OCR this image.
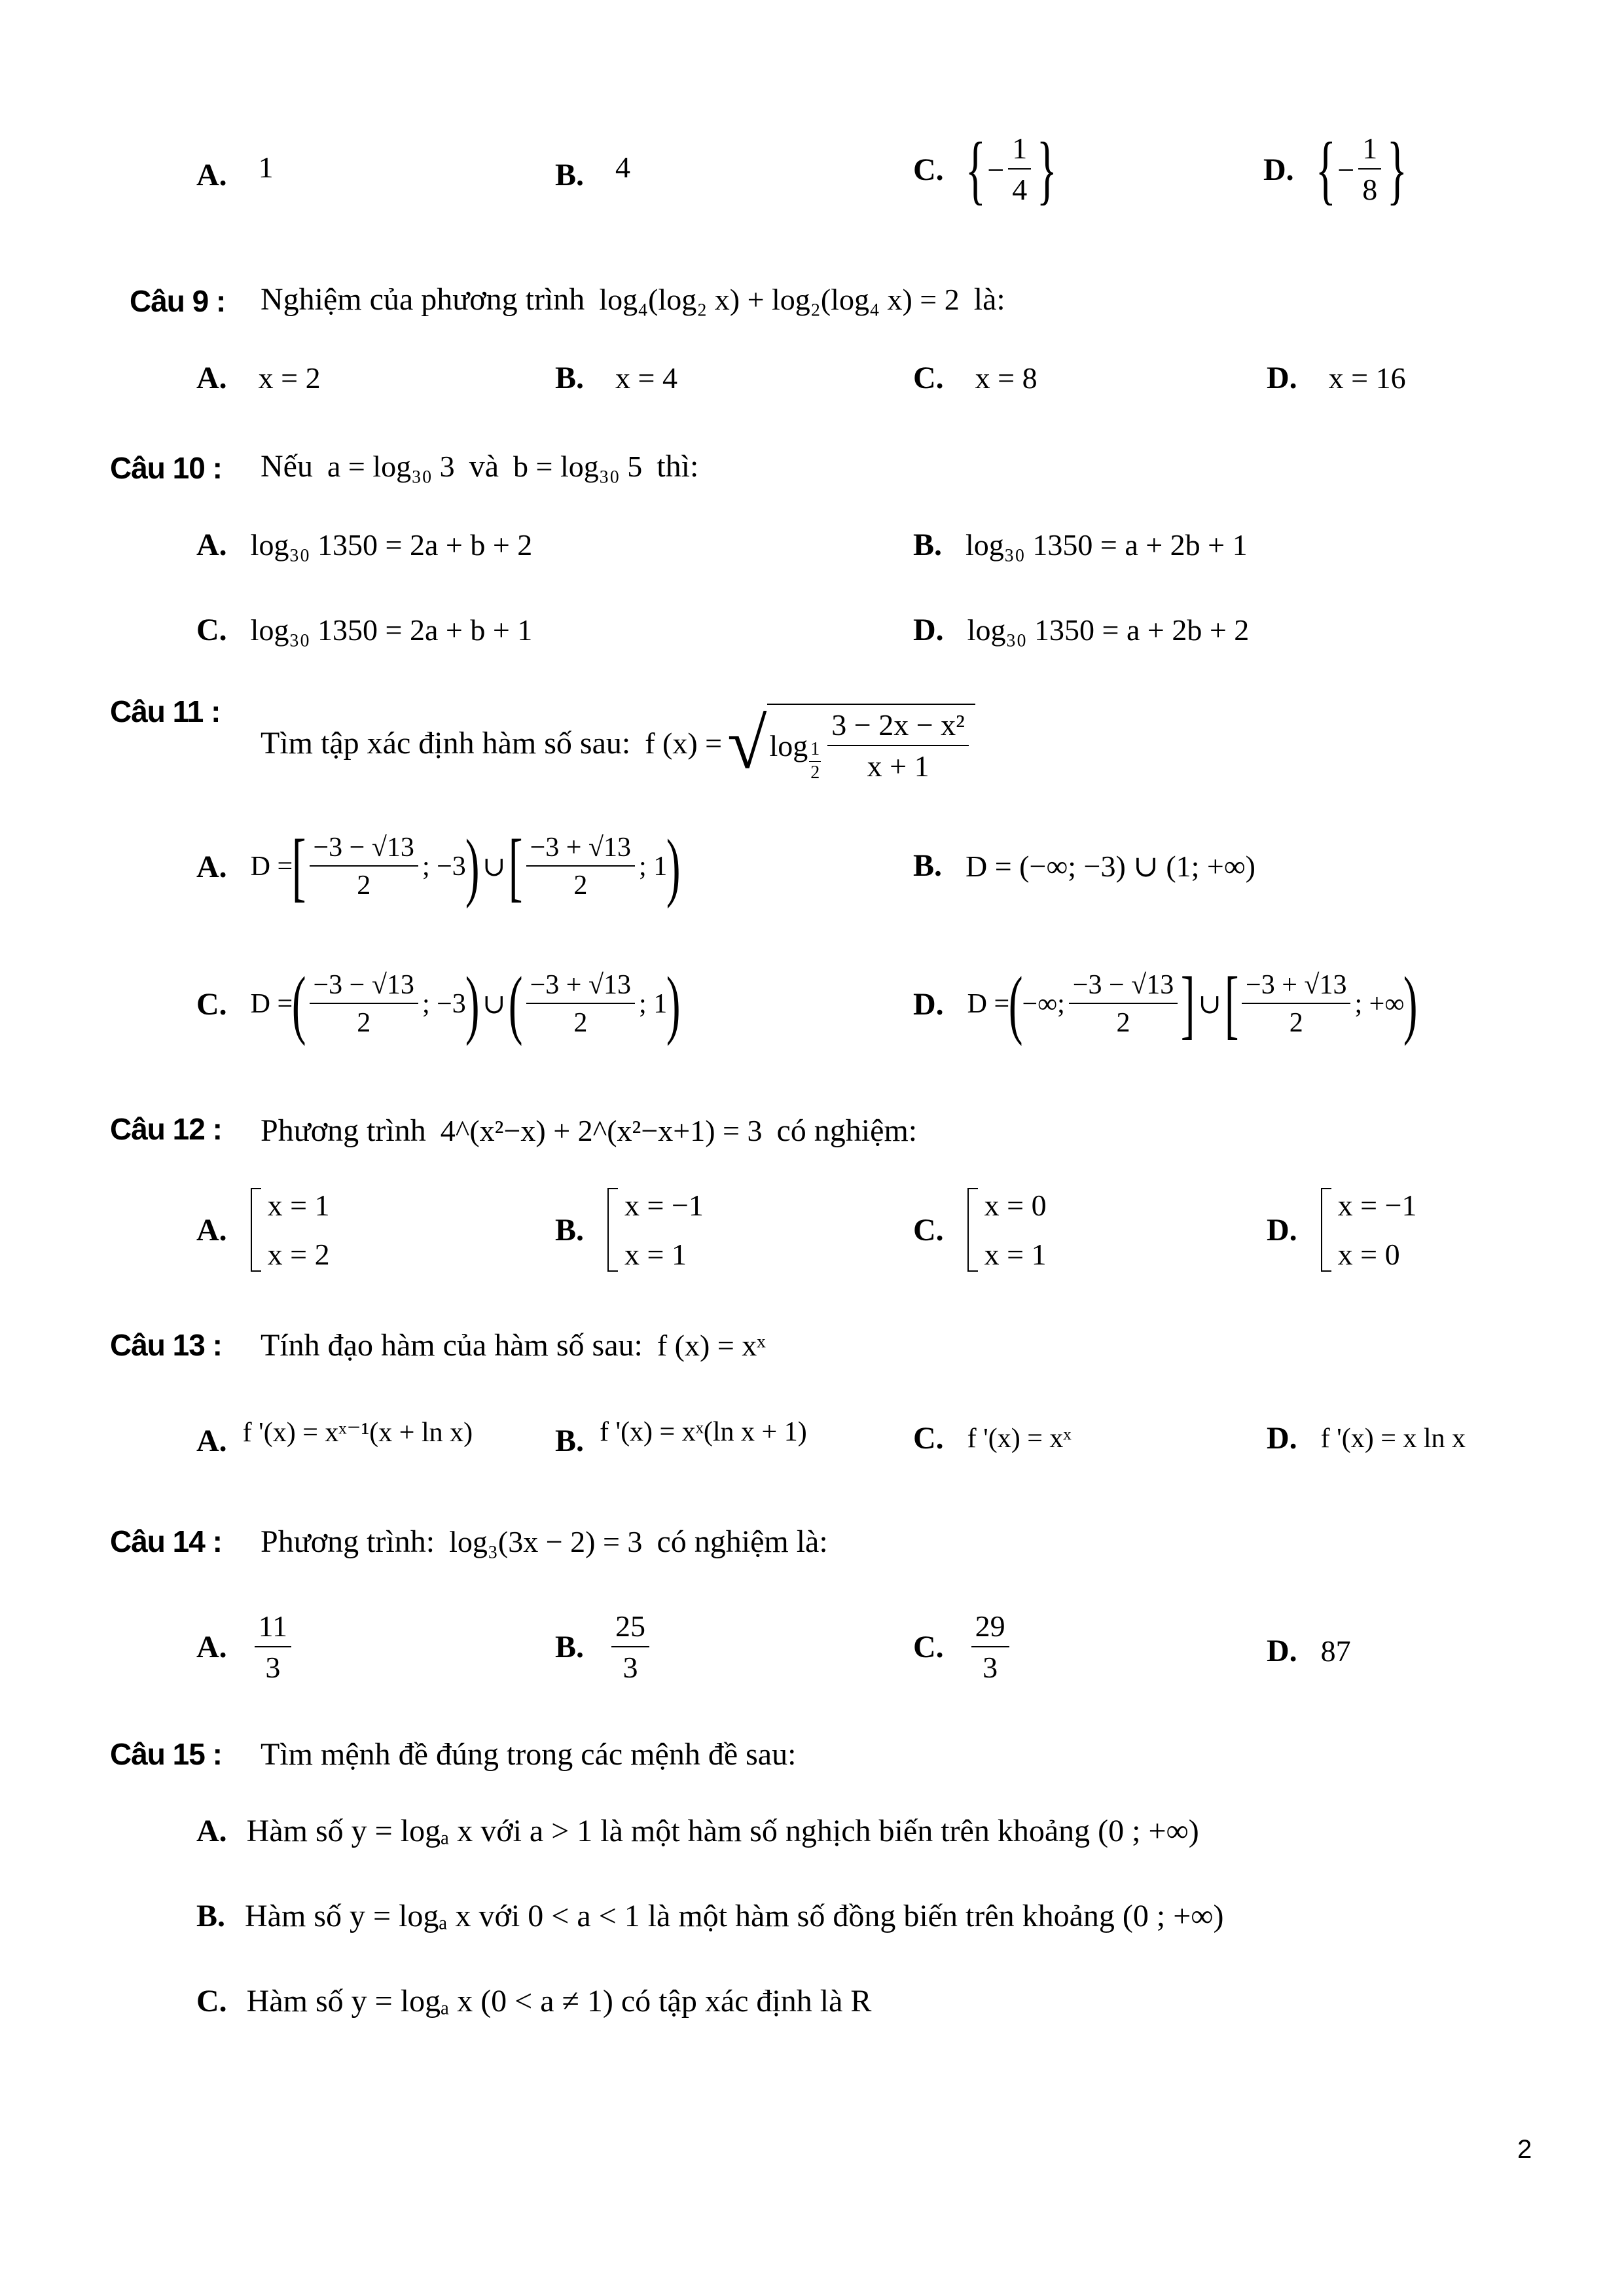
A. 1	B. 4	C. { − $\frac{1}{4}$ }	D. { − $\frac{1}{8}$ }
Câu 9 : Nghiệm của phương trình log₄(log₂ x) + log₂(log₄ x) = 2 là:
A. x = 2	B. x = 4	C. x = 8	D. x = 16
Câu 10 : Nếu a = log₃₀ 3 và b = log₃₀ 5 thì:
A. log₃₀ 1350 = 2a + b + 2	B. log₃₀ 1350 = a + 2b + 1
C. log₃₀ 1350 = 2a + b + 1	D. log₃₀ 1350 = a + 2b + 2
Câu 11 :
Tìm tập xác định hàm số sau: f (x) = √ $\log \frac{1}{2} \frac{\text{3 − 2x − x²}}{x + 1}$
A. D =
[ $\frac{-3 - √13}{2}$ ; −3
) ∪ [ $\frac{-3 + √13}{2}$ ; 1
)	B. D = (−∞; −3) ∪ (1; +∞)
C. D =
( $\frac{-3 - √13}{2}$ ; −3
) ∪ ( $\frac{-3 + √13}{2}$ ; 1
)	D. D =
(
−∞; $\frac{-3 - √13}{2}$ ] ∪ [ $\frac{-3 + √13}{2}$ ; +∞
)
Câu 12 : Phương trình 4^(x²−x) + 2^(x²−x+1) = 3 có nghiệm:
A.
x = 1
x = 2
B.
x = −1
x = 1
C.
x = 0
x = 1
D.
x = −1
x = 0
Câu 13 : Tính đạo hàm của hàm số sau: f (x) = xˣ
A. f '(x) = xˣ⁻¹(x + ln x)	B. f '(x) = xˣ(ln x + 1)	C. f '(x) = xˣ	D. f '(x) = x ln x
Câu 14 : Phương trình: log₃(3x − 2) = 3 có nghiệm là:
A. $\frac{11}{3}$	B. $\frac{25}{3}$	C. $\frac{29}{3}$	D. 87
Câu 15 : Tìm mệnh đề đúng trong các mệnh đề sau:
A. Hàm số y = logₐ x với a > 1 là một hàm số nghịch biến trên khoảng (0 ; +∞)
B. Hàm số y = logₐ x với 0 < a < 1 là một hàm số đồng biến trên khoảng (0 ; +∞)
C. Hàm số y = logₐ x (0 < a ≠ 1) có tập xác định là R
2
